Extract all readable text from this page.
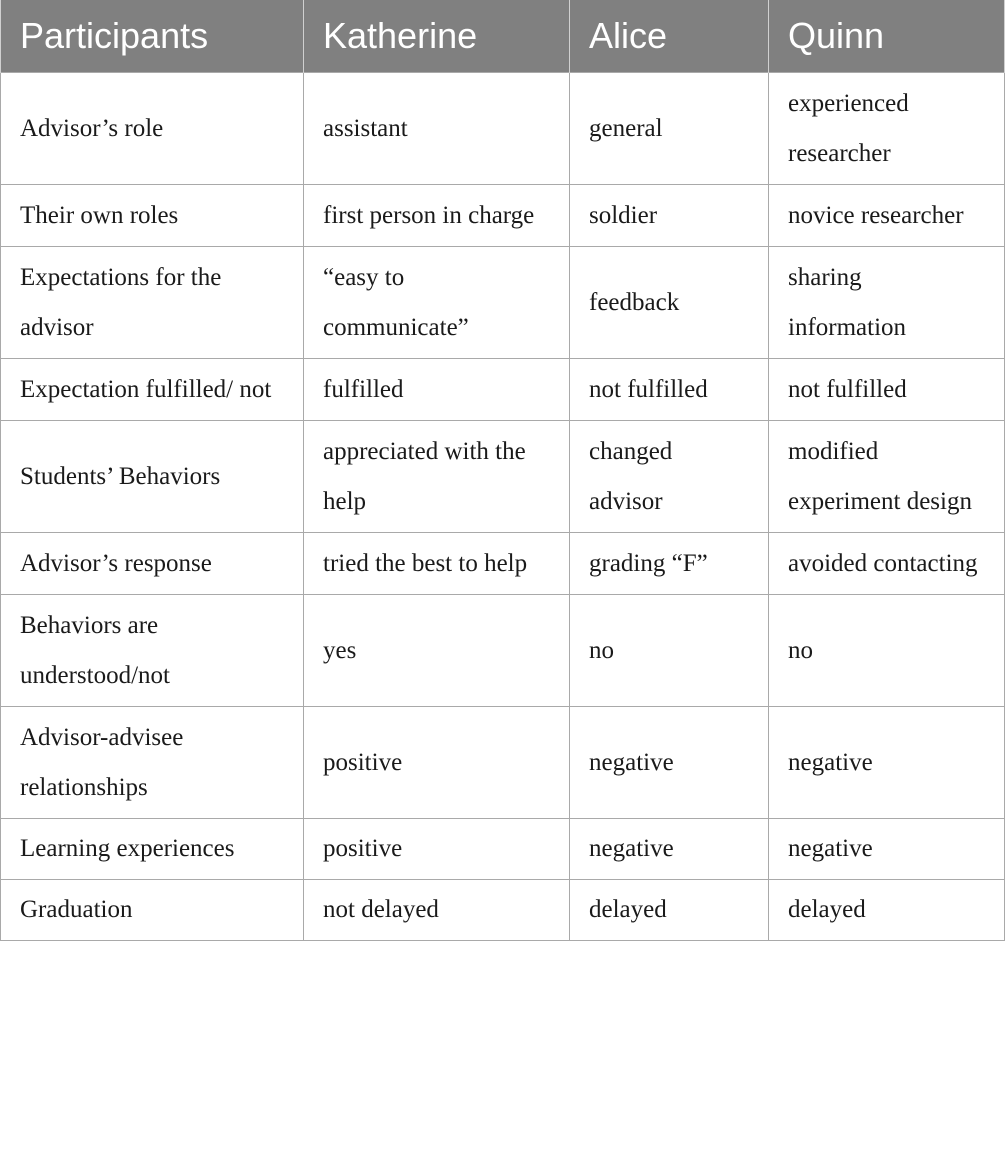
Participants	Katherine	Alice	Quinn
Advisor’s role	assistant	general	experienced researcher
Their own roles	first person in charge	soldier	novice researcher
Expectations for the advisor	“easy to communicate”	feedback	sharing information
Expectation fulfilled/ not	fulfilled	not fulfilled	not fulfilled
Students’ Behaviors	appreciated with the help	changed advisor	modified experiment design
Advisor’s response	tried the best to help	grading “F”	avoided contacting
Behaviors are understood/not	yes	no	no
Advisor-advisee relationships	positive	negative	negative
Learning experiences	positive	negative	negative
Graduation	not delayed	delayed	delayed
